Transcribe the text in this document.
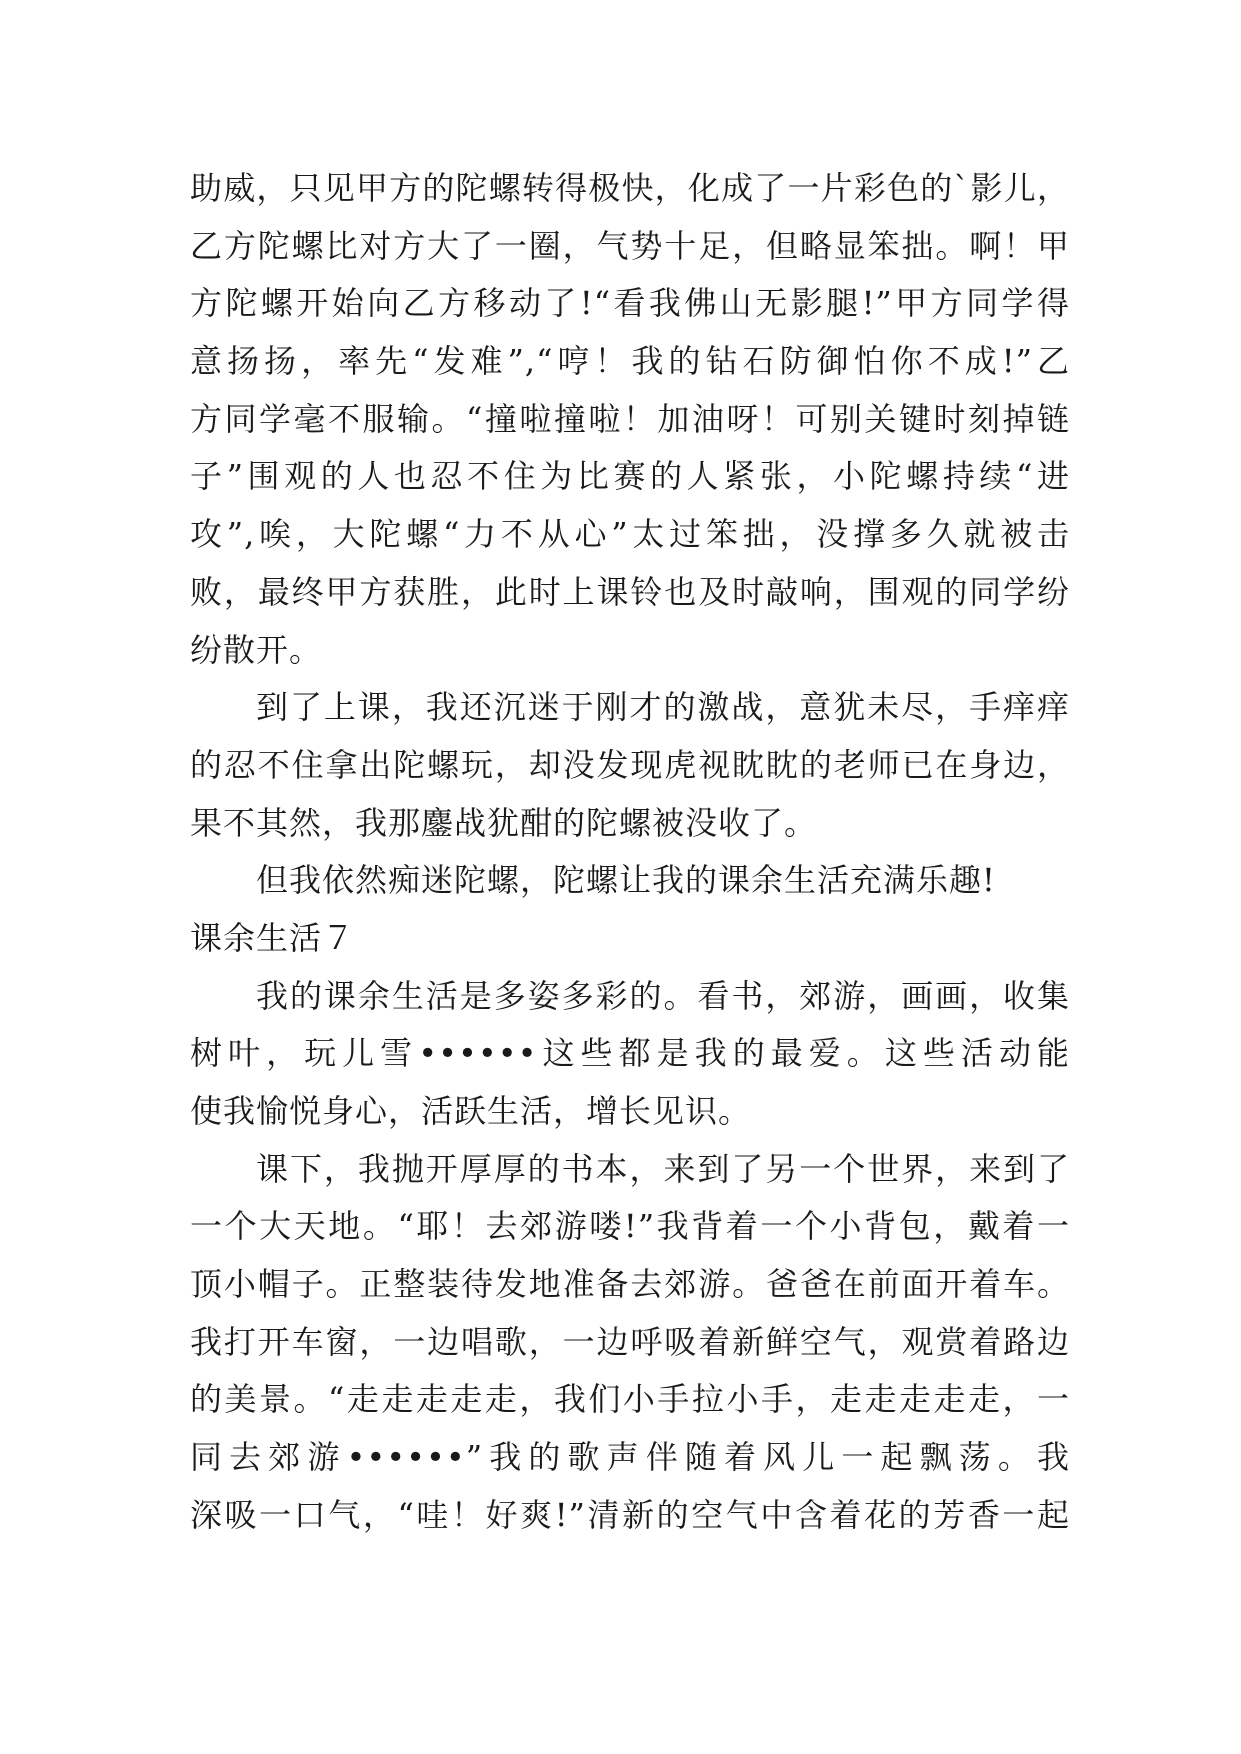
助威，只见甲方的陀螺转得极快，化成了一片彩色的`影儿，
乙方陀螺比对方大了一圈，气势十足，但略显笨拙。啊！甲
方陀螺开始向乙方移动了!“看我佛山无影腿!”甲方同学得
意扬扬，率先“发难”,“哼！我的钻石防御怕你不成!”乙
方同学毫不服输。“撞啦撞啦！加油呀！可别关键时刻掉链
子”围观的人也忍不住为比赛的人紧张，小陀螺持续“进
攻”,唉，大陀螺“力不从心”太过笨拙，没撑多久就被击
败，最终甲方获胜，此时上课铃也及时敲响，围观的同学纷
纷散开。
到了上课，我还沉迷于刚才的激战，意犹未尽，手痒痒
的忍不住拿出陀螺玩，却没发现虎视眈眈的老师已在身边，
果不其然，我那鏖战犹酣的陀螺被没收了。
但我依然痴迷陀螺，陀螺让我的课余生活充满乐趣!
课余生活７
我的课余生活是多姿多彩的。看书，郊游，画画，收集
树叶，玩儿雪••••••这些都是我的最爱。这些活动能
使我愉悦身心，活跃生活，增长见识。
课下，我抛开厚厚的书本，来到了另一个世界，来到了
一个大天地。“耶！去郊游喽!”我背着一个小背包，戴着一
顶小帽子。正整装待发地准备去郊游。爸爸在前面开着车。
我打开车窗，一边唱歌，一边呼吸着新鲜空气，观赏着路边
的美景。“走走走走走，我们小手拉小手，走走走走走，一
同去郊游••••••”我的歌声伴随着风儿一起飘荡。我
深吸一口气，“哇！好爽!”清新的空气中含着花的芳香一起
